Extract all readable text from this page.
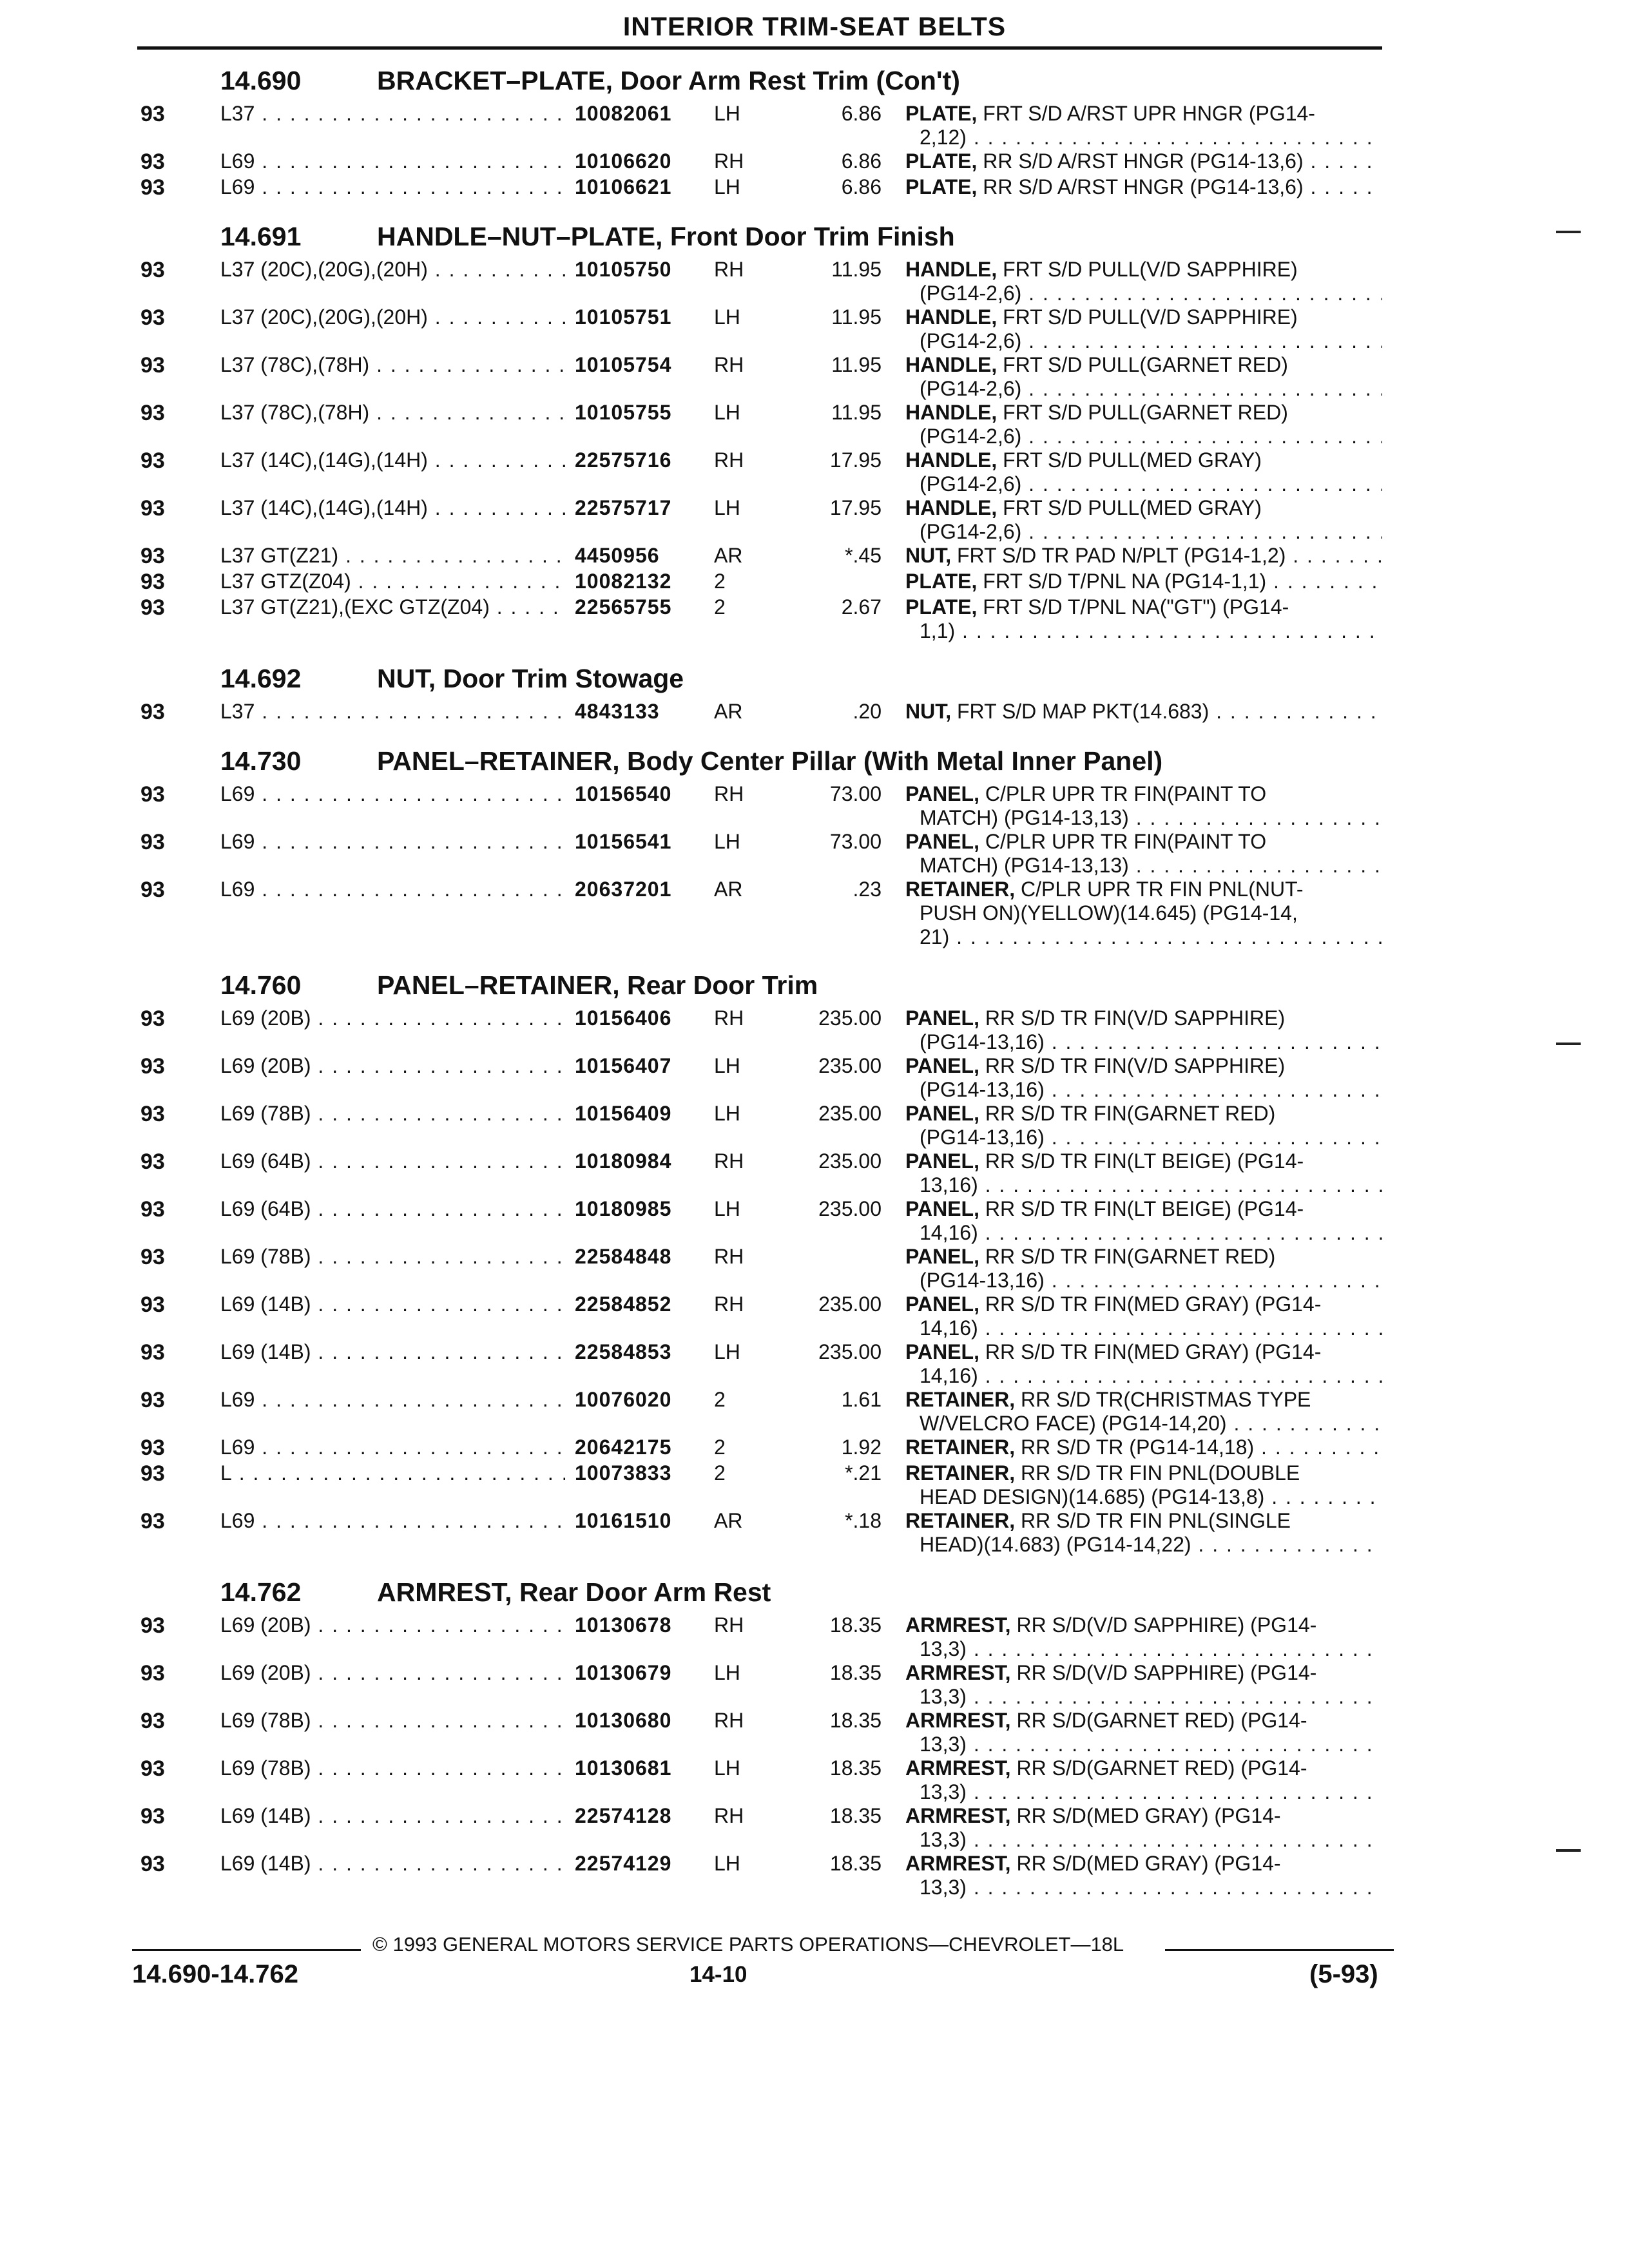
INTERIOR TRIM-SEAT BELTS
14.690	BRACKET–PLATE, Door Arm Rest Trim (Con't)
93	L37 . . .	10082061 LH	6.86 PLATE, FRT S/D A/RST UPR HNGR (PG14-
2,12) . . .
93	L69 . . .	10106620 RH	6.86 PLATE, RR S/D A/RST HNGR (PG14-13,6) . . .
93	L69 . . .	10106621 LH	6.86 PLATE, RR S/D A/RST HNGR (PG14-13,6) . . .
14.691	HANDLE–NUT–PLATE, Front Door Trim Finish
93	L37 (20C),(20G),(20H) . . .	10105750 RH	11.95 HANDLE, FRT S/D PULL(V/D SAPPHIRE)
(PG14-2,6) . . .
93	L37 (20C),(20G),(20H) . . .	10105751 LH	11.95 HANDLE, FRT S/D PULL(V/D SAPPHIRE)
(PG14-2,6) . . .
93	L37 (78C),(78H) . . .	10105754 RH	11.95 HANDLE, FRT S/D PULL(GARNET RED)
(PG14-2,6) . . .
93	L37 (78C),(78H) . . .	10105755 LH	11.95 HANDLE, FRT S/D PULL(GARNET RED)
(PG14-2,6) . . .
93	L37 (14C),(14G),(14H) . . .	22575716 RH	17.95 HANDLE, FRT S/D PULL(MED GRAY)
(PG14-2,6) . . .
93	L37 (14C),(14G),(14H) . . .	22575717 LH	17.95 HANDLE, FRT S/D PULL(MED GRAY)
(PG14-2,6) . . .
93	L37 GT(Z21) . . .	4450956	AR	*.45 NUT, FRT S/D TR PAD N/PLT (PG14-1,2) . . .
93	L37 GTZ(Z04) . . .	10082132 2	PLATE, FRT S/D T/PNL NA (PG14-1,1) . . .
93	L37 GT(Z21),(EXC GTZ(Z04) . . .	22565755 2	2.67 PLATE, FRT S/D T/PNL NA("GT") (PG14-
1,1) . . .
14.692	NUT, Door Trim Stowage
93	L37 . . .	4843133	AR	.20 NUT, FRT S/D MAP PKT(14.683) . . .
14.730	PANEL–RETAINER, Body Center Pillar (With Metal Inner Panel)
93	L69 . . .	10156540 RH	73.00 PANEL, C/PLR UPR TR FIN(PAINT TO
MATCH) (PG14-13,13) . . .
93	L69 . . .	10156541 LH	73.00 PANEL, C/PLR UPR TR FIN(PAINT TO
MATCH) (PG14-13,13) . . .
93	L69 . . .	20637201 AR	.23 RETAINER, C/PLR UPR TR FIN PNL(NUT-
PUSH ON)(YELLOW)(14.645) (PG14-14,
21) . . .
14.760	PANEL–RETAINER, Rear Door Trim
93	L69 (20B) . . .	10156406 RH	235.00 PANEL, RR S/D TR FIN(V/D SAPPHIRE)
(PG14-13,16) . . .
93	L69 (20B) . . .	10156407 LH	235.00 PANEL, RR S/D TR FIN(V/D SAPPHIRE)
(PG14-13,16) . . .
93	L69 (78B) . . .	10156409 LH	235.00 PANEL, RR S/D TR FIN(GARNET RED)
(PG14-13,16) . . .
93	L69 (64B) . . .	10180984 RH	235.00 PANEL, RR S/D TR FIN(LT BEIGE) (PG14-
13,16) . . .
93	L69 (64B) . . .	10180985 LH	235.00 PANEL, RR S/D TR FIN(LT BEIGE) (PG14-
14,16) . . .
93	L69 (78B) . . .	22584848 RH	PANEL, RR S/D TR FIN(GARNET RED)
(PG14-13,16) . . .
93	L69 (14B) . . .	22584852 RH	235.00 PANEL, RR S/D TR FIN(MED GRAY) (PG14-
14,16) . . .
93	L69 (14B) . . .	22584853 LH	235.00 PANEL, RR S/D TR FIN(MED GRAY) (PG14-
14,16) . . .
93	L69 . . .	10076020 2	1.61 RETAINER, RR S/D TR(CHRISTMAS TYPE
W/VELCRO FACE) (PG14-14,20) . . .
93	L69 . . .	20642175 2	1.92 RETAINER, RR S/D TR (PG14-14,18) . . .
93	L . . .	10073833 2	*.21 RETAINER, RR S/D TR FIN PNL(DOUBLE
HEAD DESIGN)(14.685) (PG14-13,8) . . .
93	L69 . . .	10161510 AR	*.18 RETAINER, RR S/D TR FIN PNL(SINGLE
HEAD)(14.683) (PG14-14,22) . . .
14.762	ARMREST, Rear Door Arm Rest
93	L69 (20B) . . .	10130678 RH	18.35 ARMREST, RR S/D(V/D SAPPHIRE) (PG14-
13,3) . . .
93	L69 (20B) . . .	10130679 LH	18.35 ARMREST, RR S/D(V/D SAPPHIRE) (PG14-
13,3) . . .
93	L69 (78B) . . .	10130680 RH	18.35 ARMREST, RR S/D(GARNET RED) (PG14-
13,3) . . .
93	L69 (78B) . . .	10130681 LH	18.35 ARMREST, RR S/D(GARNET RED) (PG14-
13,3) . . .
93	L69 (14B) . . .	22574128 RH	18.35 ARMREST, RR S/D(MED GRAY) (PG14-
13,3) . . .
93	L69 (14B) . . .	22574129 LH	18.35 ARMREST, RR S/D(MED GRAY) (PG14-
13,3) . . .
© 1993 GENERAL MOTORS SERVICE PARTS OPERATIONS—CHEVROLET—18L
14.690-14.762	14-10	(5-93)
